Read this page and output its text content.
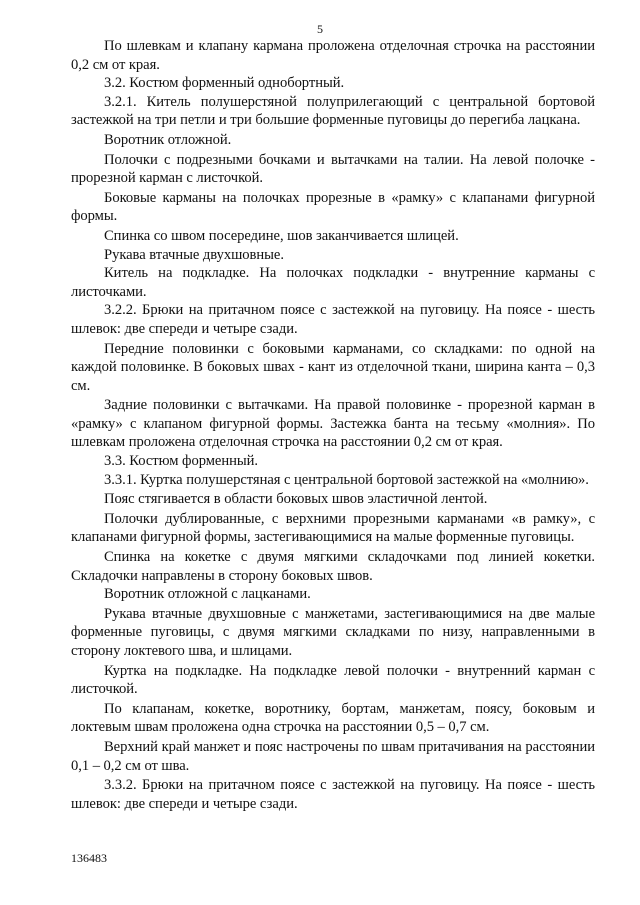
5

По шлевкам и клапану кармана проложена отделочная строчка на расстоянии 0,2 см от края.

3.2. Костюм форменный однобортный.

3.2.1. Китель полушерстяной полуприлегающий с центральной бортовой застежкой на три петли и три большие форменные пуговицы до перегиба лацкана.

Воротник отложной.

Полочки с подрезными бочками и вытачками на талии. На левой полочке - прорезной карман с листочкой.

Боковые карманы на полочках прорезные в «рамку» с клапанами фигурной формы.

Спинка со швом посередине, шов заканчивается шлицей.

Рукава втачные двухшовные.

Китель на подкладке. На полочках подкладки - внутренние карманы с листочками.

3.2.2. Брюки на притачном поясе с застежкой на пуговицу. На поясе - шесть шлевок: две спереди и четыре сзади.

Передние половинки с боковыми карманами, со складками: по одной на каждой половинке. В боковых швах - кант из отделочной ткани, ширина канта – 0,3 см.

Задние половинки с вытачками. На правой половинке - прорезной карман в «рамку» с клапаном фигурной формы. Застежка банта на тесьму «молния». По шлевкам проложена отделочная строчка на расстоянии 0,2 см от края.

3.3. Костюм форменный.

3.3.1. Куртка полушерстяная с центральной бортовой застежкой на «молнию».

Пояс стягивается в области боковых швов эластичной лентой.

Полочки дублированные, с верхними прорезными карманами «в рамку», с клапанами фигурной формы, застегивающимися на малые форменные пуговицы.

Спинка на кокетке с двумя мягкими складочками под линией кокетки. Складочки направлены в сторону боковых швов.

Воротник отложной с лацканами.

Рукава втачные двухшовные с манжетами, застегивающимися на две малые форменные пуговицы, с двумя мягкими складками по низу, направленными в сторону локтевого шва, и шлицами.

Куртка на подкладке. На подкладке левой полочки - внутренний карман с листочкой.

По клапанам, кокетке, воротнику, бортам, манжетам, поясу, боковым и локтевым швам проложена одна строчка на расстоянии 0,5 – 0,7 см.

Верхний край манжет и пояс настрочены по швам притачивания на расстоянии 0,1 – 0,2 см от шва.

3.3.2. Брюки на притачном поясе с застежкой на пуговицу. На поясе - шесть шлевок: две спереди и четыре сзади.

136483
